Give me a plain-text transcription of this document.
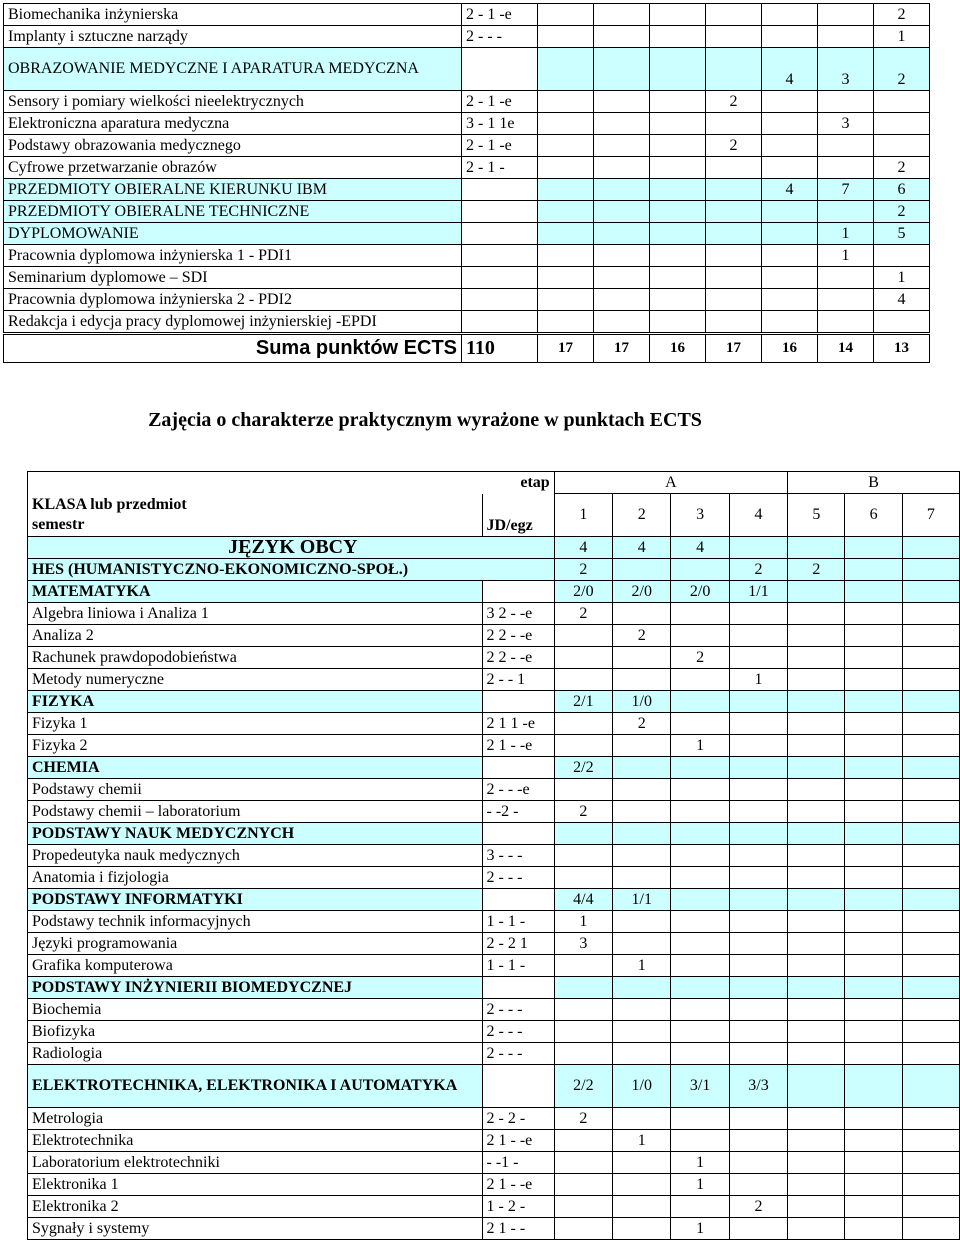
Biomechanika inżynierska	2 - 1 -e							2
Implanty i sztuczne narządy	2 - - -							1
OBRAZOWANIE MEDYCZNE I APARATURA MEDYCZNA						4	3	2
Sensory i pomiary wielkości nieelektrycznych	2 - 1 -e				2			
Elektroniczna aparatura medyczna	3 - 1 1e						3	
Podstawy obrazowania medycznego	2 - 1 -e				2			
Cyfrowe przetwarzanie obrazów	2 - 1 -							2
PRZEDMIOTY OBIERALNE KIERUNKU IBM						4	7	6
PRZEDMIOTY OBIERALNE TECHNICZNE								2
DYPLOMOWANIE							1	5
Pracownia dyplomowa inżynierska 1 - PDI1							1	
Seminarium dyplomowe – SDI								1
Pracownia dyplomowa inżynierska 2 - PDI2								4
Redakcja i edycja pracy dyplomowej inżynierskiej -EPDI								
Suma punktów ECTS	110	17	17	16	17	16	14	13
Zajęcia o charakterze praktycznym wyrażone w punktach ECTS
etap		A				B		
KLASA lub przedmiot
semestr	JD/egz	1	2	3	4	5	6	7
JĘZYK OBCY		4	4	4				
HES (HUMANISTYCZNO-EKONOMICZNO-SPOŁ.)		2			2	2		
MATEMATYKA		2/0	2/0	2/0	1/1			
Algebra liniowa i Analiza 1	3 2 - -e	2						
Analiza 2	2 2 - -e		2					
Rachunek prawdopodobieństwa	2 2 - -e			2				
Metody numeryczne	2 - - 1				1			
FIZYKA		2/1	1/0					
Fizyka 1	2 1 1 -e		2					
Fizyka 2	2 1 - -e			1				
CHEMIA		2/2						
Podstawy chemii	2 - - -e							
Podstawy chemii – laboratorium	- -2 -	2						
PODSTAWY NAUK MEDYCZNYCH								
Propedeutyka nauk medycznych	3 - - -							
Anatomia i fizjologia	2 - - -							
PODSTAWY INFORMATYKI		4/4	1/1					
Podstawy technik informacyjnych	1 - 1 -	1						
Języki programowania	2 - 2 1	3						
Grafika komputerowa	1 - 1 -		1					
PODSTAWY INŻYNIERII BIOMEDYCZNEJ								
Biochemia	2 - - -							
Biofizyka	2 - - -							
Radiologia	2 - - -							
ELEKTROTECHNIKA, ELEKTRONIKA I AUTOMATYKA		2/2	1/0	3/1	3/3			
Metrologia	2 - 2 -	2						
Elektrotechnika	2 1 - -e		1					
Laboratorium elektrotechniki	- -1 -			1				
Elektronika 1	2 1 - -e			1				
Elektronika 2	1 - 2 -				2			
Sygnały i systemy	2 1 - -			1				
